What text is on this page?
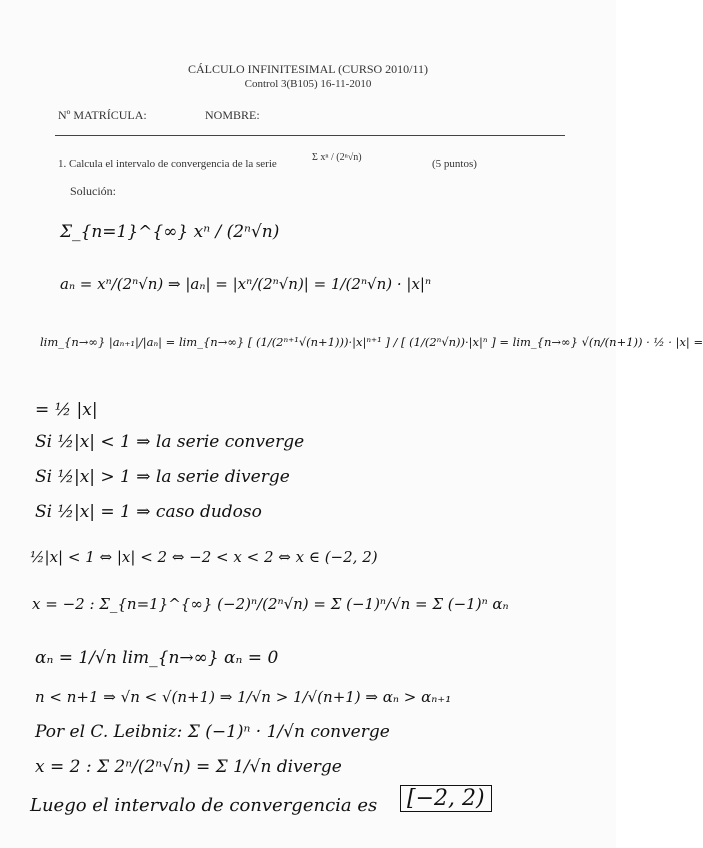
CÁLCULO INFINITESIMAL (CURSO 2010/11)
Control 3(B105) 16-11-2010
Nº MATRÍCULA:	NOMBRE:
1. Calcula el intervalo de convergencia de la serie
Σ xⁿ / (2ⁿ√n)
(5 puntos)
Solución:
Σ_{n=1}^{∞} xⁿ / (2ⁿ√n)
aₙ = xⁿ/(2ⁿ√n) ⇒ |aₙ| = |xⁿ/(2ⁿ√n)| = 1/(2ⁿ√n) · |x|ⁿ
lim_{n→∞} |aₙ₊₁|/|aₙ| = lim_{n→∞} [ (1/(2ⁿ⁺¹√(n+1)))·|x|ⁿ⁺¹ ] / [ (1/(2ⁿ√n))·|x|ⁿ ] = lim_{n→∞} √(n/(n+1)) · ½ · |x| =
= ½ |x|
Si ½|x| < 1 ⇒ la serie converge
Si ½|x| > 1 ⇒ la serie diverge
Si ½|x| = 1 ⇒ caso dudoso
½|x| < 1 ⇔ |x| < 2 ⇔ −2 < x < 2 ⇔ x ∈ (−2, 2)
x = −2 : Σ_{n=1}^{∞} (−2)ⁿ/(2ⁿ√n) = Σ (−1)ⁿ/√n = Σ (−1)ⁿ αₙ
αₙ = 1/√n lim_{n→∞} αₙ = 0
n < n+1 ⇒ √n < √(n+1) ⇒ 1/√n > 1/√(n+1) ⇒ αₙ > αₙ₊₁
Por el C. Leibniz: Σ (−1)ⁿ · 1/√n converge
x = 2 : Σ 2ⁿ/(2ⁿ√n) = Σ 1/√n diverge
Luego el intervalo de convergencia es	[−2, 2)
